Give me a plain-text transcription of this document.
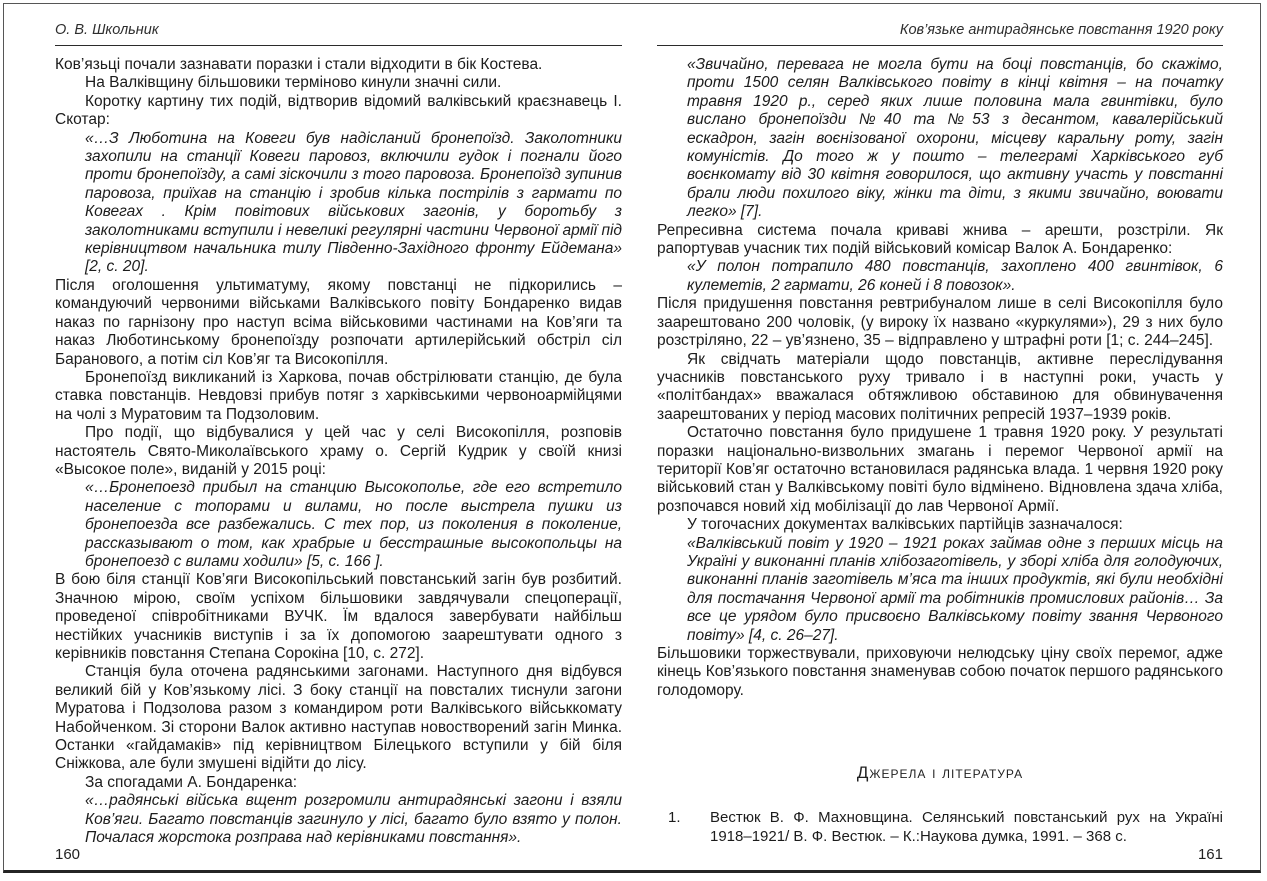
О. В. Школьник

Ков’язьці почали зазнавати поразки і стали відходити в бік Костева.

На Валківщину більшовики терміново кинули значні сили.

Коротку картину тих подій, відтворив відомий валківський краєзнавець І. Скотар:

«…З Люботина на Ковеги був надісланий бронепоїзд. Заколотники захопили на станції Ковеги паровоз, включили гудок і погнали його проти бронепоїзду, а самі зіскочили з того паровоза. Бронепоїзд зупинив паровоза, приїхав на станцію і зробив кілька пострілів з гармати по Ковегах . Крім повітових військових загонів, у боротьбу з заколотниками вступили і невеликі регулярні частини Червоної армії під керівництвом начальника тилу Південно-Західного фронту Ейдемана» [2, с. 20].

Після оголошення ультиматуму, якому повстанці не підкорились – командуючий червоними військами Валківського повіту Бондаренко видав наказ по гарнізону про наступ всіма військовими частинами на Ков’яги та наказ Люботинському бронепоїзду розпочати артилерійський обстріл сіл Баранового, а потім сіл Ков’яг та Високопілля.

Бронепоїзд викликаний із Харкова, почав обстрілювати станцію, де була ставка повстанців. Невдовзі прибув потяг з харківськими червоноармійцями на чолі з Муратовим та Подзоловим.

Про події, що відбувалися у цей час у селі Високопілля, розповів настоятель Свято-Миколаївського храму о. Сергій Кудрик у своїй книзі «Высокое поле», виданій у 2015 році:

«…Бронепоезд прибыл на станцию Высокополье, где его встретило население с топорами и вилами, но после выстрела пушки из бронепоезда все разбежались. С тех пор, из поколения в поколение, рассказывают о том, как храбрые и бесстрашные высокопольцы на бронепоезд с вилами ходили» [5, с. 166 ].

В бою біля станції Ков’яги Високопільський повстанський загін був розбитий. Значною мірою, своїм успіхом більшовики завдячували спецоперації, проведеної співробітниками ВУЧК. Їм вдалося завербувати найбільш нестійких учасників виступів і за їх допомогою заарештувати одного з керівників повстання Степана Сорокіна [10, с. 272].

Станція була оточена радянськими загонами. Наступного дня відбувся великий бій у Ков’язькому лісі. З боку станції на повсталих тиснули загони Муратова і Подзолова разом з командиром роти Валківського військкомату Набойченком. Зі сторони Валок активно наступав новостворений загін Минка. Останки «гайдамаків» під керівництвом Білецького вступили у бій біля Сніжкова, але були змушені відійти до лісу.

За спогадами А. Бондаренка:

«…радянські війська вщент розгромили антирадянські загони і взяли Ков’яги. Багато повстанців загинуло у лісі, багато було взято у полон. Почалася жорстока розправа над керівниками повстання».

Ков’язьке антирадянське повстання 1920 року

«Звичайно, перевага не могла бути на боці повстанців, бо скажімо, проти 1500 селян Валківського повіту в кінці квітня – на початку травня 1920 р., серед яких лише половина мала гвинтівки, було вислано бронепоїзди №40 та №53 з десантом, кавалерійський ескадрон, загін воєнізованої охорони, місцеву каральну роту, загін комуністів. До того ж у пошто – телеграмі Харківського губ воєнкомату від 30 квітня говорилося, що активну участь у повстанні брали люди похилого віку, жінки та діти, з якими звичайно, воювати легко» [7].

Репресивна система почала криваві жнива – арешти, розстріли. Як рапортував учасник тих подій військовий комісар Валок А. Бондаренко:

«У полон потрапило 480 повстанців, захоплено 400 гвинтівок, 6 кулеметів, 2 гармати, 26 коней і 8 повозок».

Після придушення повстання ревтрибуналом лише в селі Високопілля було заарештовано 200 чоловік, (у вироку їх названо «куркулями»), 29 з них було розстріляно, 22 – ув’язнено, 35 – відправлено у штрафні роти [1; с. 244–245].

Як свідчать матеріали щодо повстанців, активне переслідування учасників повстанського руху тривало і в наступні роки, участь у «політбандах» вважалася обтяжливою обставиною для обвинувачення заарештованих у період масових політичних репресій 1937–1939 років.

Остаточно повстання було придушене 1 травня 1920 року. У результаті поразки національно-визвольних змагань і перемог Червоної армії на території Ков’яг остаточно встановилася радянська влада. 1 червня 1920 року військовий стан у Валківському повіті було відмінено. Відновлена здача хліба, розпочався новий хід мобілізації до лав Червоної Армії.

У тогочасних документах валківських партійців зазначалося:

«Валківський повіт у 1920 – 1921 роках займав одне з перших місць на Україні у виконанні планів хлібозаготівель, у зборі хліба для голодуючих, виконанні планів заготівель м’яса та інших продуктів, які були необхідні для постачання Червоної армії та робітників промислових районів… За все це урядом було присвоєно Валківському повіту звання Червоного повіту» [4, с. 26–27].

Більшовики торжествували, приховуючи нелюдську ціну своїх перемог, адже кінець Ков’язького повстання знаменував собою початок першого радянського голодомору.

Джерела і література

1. Вестюк В. Ф. Махновщина. Селянський повстанський рух на Україні 1918–1921/ В. Ф. Вестюк. – К.:Наукова думка, 1991. – 368 с.

160	161
